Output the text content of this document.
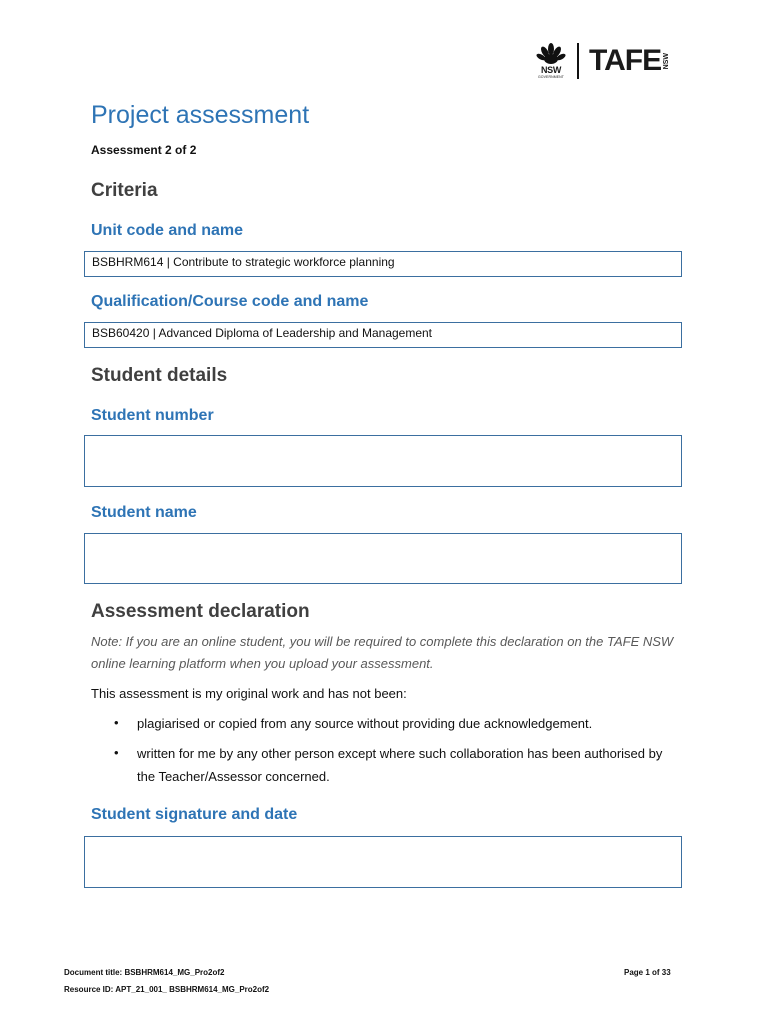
NSW
GOVERNMENT TAFE NSW
Project assessment
Assessment 2 of 2
Criteria
Unit code and name
BSBHRM614 | Contribute to strategic workforce planning
Qualification/Course code and name
BSB60420 | Advanced Diploma of Leadership and Management
Student details
Student number
Student name
Assessment declaration
Note: If you are an online student, you will be required to complete this declaration on the TAFE NSW online learning platform when you upload your assessment.
This assessment is my original work and has not been:
• plagiarised or copied from any source without providing due acknowledgement.
• written for me by any other person except where such collaboration has been authorised by the Teacher/Assessor concerned.
Student signature and date
Document title: BSBHRM614_MG_Pro2of2
Resource ID: APT_21_001_ BSBHRM614_MG_Pro2of2
Page 1 of 33
